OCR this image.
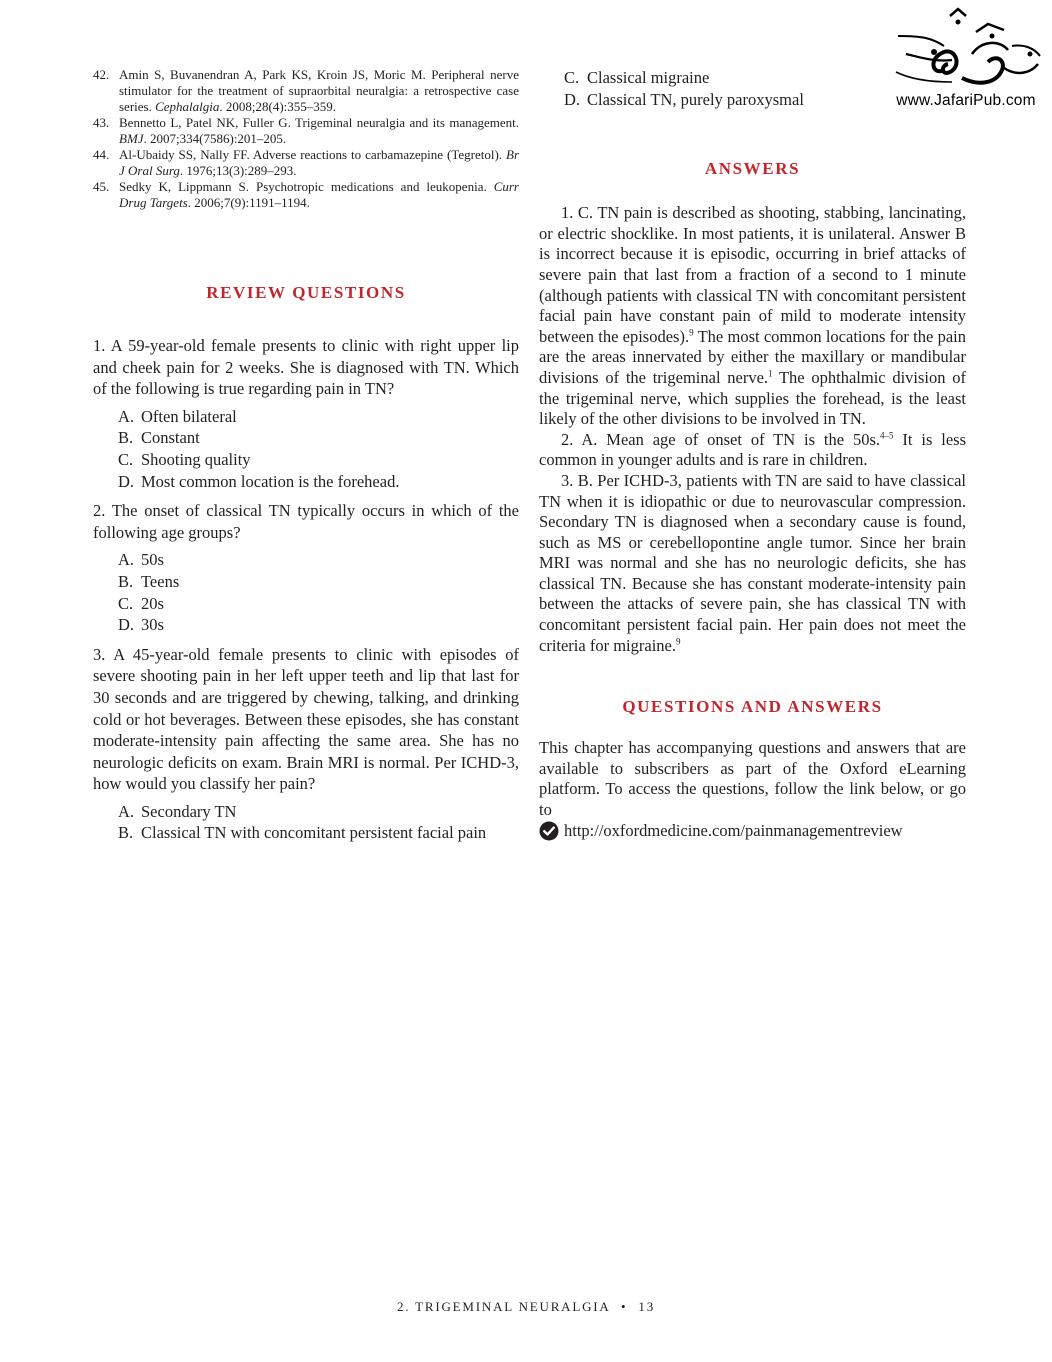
www.JafariPub.com
42. Amin S, Buvanendran A, Park KS, Kroin JS, Moric M. Peripheral nerve stimulator for the treatment of supraorbital neuralgia: a retrospective case series. Cephalalgia. 2008;28(4):355–359.
43. Bennetto L, Patel NK, Fuller G. Trigeminal neuralgia and its management. BMJ. 2007;334(7586):201–205.
44. Al-Ubaidy SS, Nally FF. Adverse reactions to carbamazepine (Tegretol). Br J Oral Surg. 1976;13(3):289–293.
45. Sedky K, Lippmann S. Psychotropic medications and leukopenia. Curr Drug Targets. 2006;7(9):1191–1194.
REVIEW QUESTIONS

1. A 59-year-old female presents to clinic with right upper lip and cheek pain for 2 weeks. She is diagnosed with TN. Which of the following is true regarding pain in TN?

A. Often bilateral
B. Constant
C. Shooting quality
D. Most common location is the forehead.

2. The onset of classical TN typically occurs in which of the following age groups?

A. 50s
B. Teens
C. 20s
D. 30s

3. A 45-year-old female presents to clinic with episodes of severe shooting pain in her left upper teeth and lip that last for 30 seconds and are triggered by chewing, talking, and drinking cold or hot beverages. Between these episodes, she has constant moderate-intensity pain affecting the same area. She has no neurologic deficits on exam. Brain MRI is normal. Per ICHD-3, how would you classify her pain?

A. Secondary TN
B. Classical TN with concomitant persistent facial pain
C. Classical migraine
D. Classical TN, purely paroxysmal
ANSWERS

1. C. TN pain is described as shooting, stabbing, lancinating, or electric shocklike. In most patients, it is unilateral. Answer B is incorrect because it is episodic, occurring in brief attacks of severe pain that last from a fraction of a second to 1 minute (although patients with classical TN with concomitant persistent facial pain have constant pain of mild to moderate intensity between the episodes).$^9$ The most common locations for the pain are the areas innervated by either the maxillary or mandibular divisions of the trigeminal nerve.$^1$ The ophthalmic division of the trigeminal nerve, which supplies the forehead, is the least likely of the other divisions to be involved in TN.

2. A. Mean age of onset of TN is the 50s.$^{4-5}$ It is less common in younger adults and is rare in children.

3. B. Per ICHD-3, patients with TN are said to have classical TN when it is idiopathic or due to neurovascular compression. Secondary TN is diagnosed when a secondary cause is found, such as MS or cerebellopontine angle tumor. Since her brain MRI was normal and she has no neurologic deficits, she has classical TN. Because she has constant moderate-intensity pain between the attacks of severe pain, she has classical TN with concomitant persistent facial pain. Her pain does not meet the criteria for migraine.$^9$

QUESTIONS AND ANSWERS

This chapter has accompanying questions and answers that are available to subscribers as part of the Oxford eLearning platform. To access the questions, follow the link below, or go to

http://oxfordmedicine.com/painmanagementreview
2. TRIGEMINAL NEURALGIA • 13
